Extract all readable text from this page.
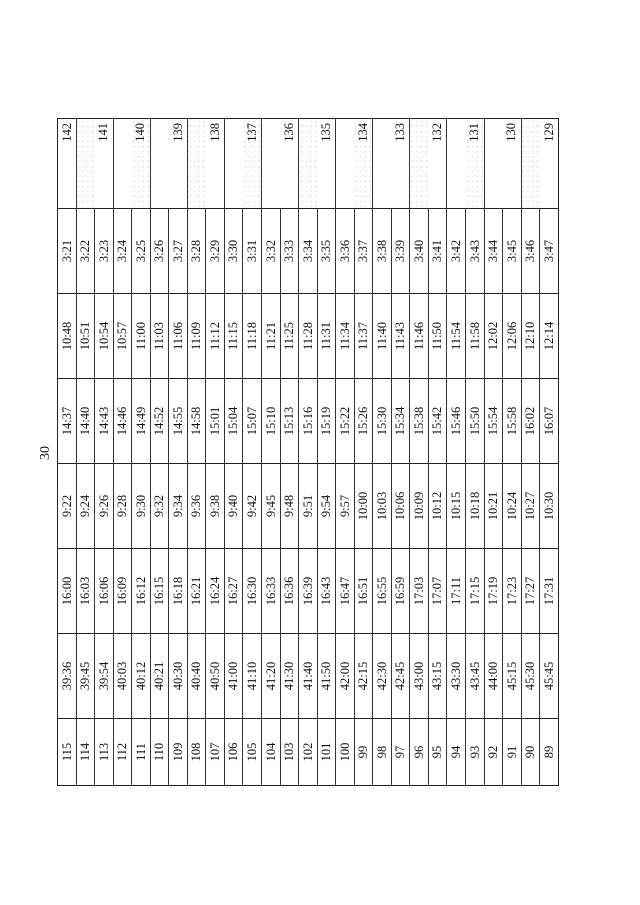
30
115	39:36	16:00	9:22	14:37	10:48	3:21	142
114	39:45	16:03	9:24	14:40	10:51	3:22	
113	39:54	16:06	9:26	14:43	10:54	3:23	141
112	40:03	16:09	9:28	14:46	10:57	3:24	
111	40:12	16:12	9:30	14:49	11:00	3:25	140
110	40:21	16:15	9:32	14:52	11:03	3:26	
109	40:30	16:18	9:34	14:55	11:06	3:27	139
108	40:40	16:21	9:36	14:58	11:09	3:28	
107	40:50	16:24	9:38	15:01	11:12	3:29	138
106	41:00	16:27	9:40	15:04	11:15	3:30	
105	41:10	16:30	9:42	15:07	11:18	3:31	137
104	41:20	16:33	9:45	15:10	11:21	3:32	
103	41:30	16:36	9:48	15:13	11:25	3:33	136
102	41:40	16:39	9:51	15:16	11:28	3:34	
101	41:50	16:43	9:54	15:19	11:31	3:35	135
100	42:00	16:47	9:57	15:22	11:34	3:36	
99	42:15	16:51	10:00	15:26	11:37	3:37	134
98	42:30	16:55	10:03	15:30	11:40	3:38	
97	42:45	16:59	10:06	15:34	11:43	3:39	133
96	43:00	17:03	10:09	15:38	11:46	3:40	
95	43:15	17:07	10:12	15:42	11:50	3:41	132
94	43:30	17:11	10:15	15:46	11:54	3:42	
93	43:45	17:15	10:18	15:50	11:58	3:43	131
92	44:00	17:19	10:21	15:54	12:02	3:44	
91	45:15	17:23	10:24	15:58	12:06	3:45	130
90	45:30	17:27	10:27	16:02	12:10	3:46	
89	45:45	17:31	10:30	16:07	12:14	3:47	129
